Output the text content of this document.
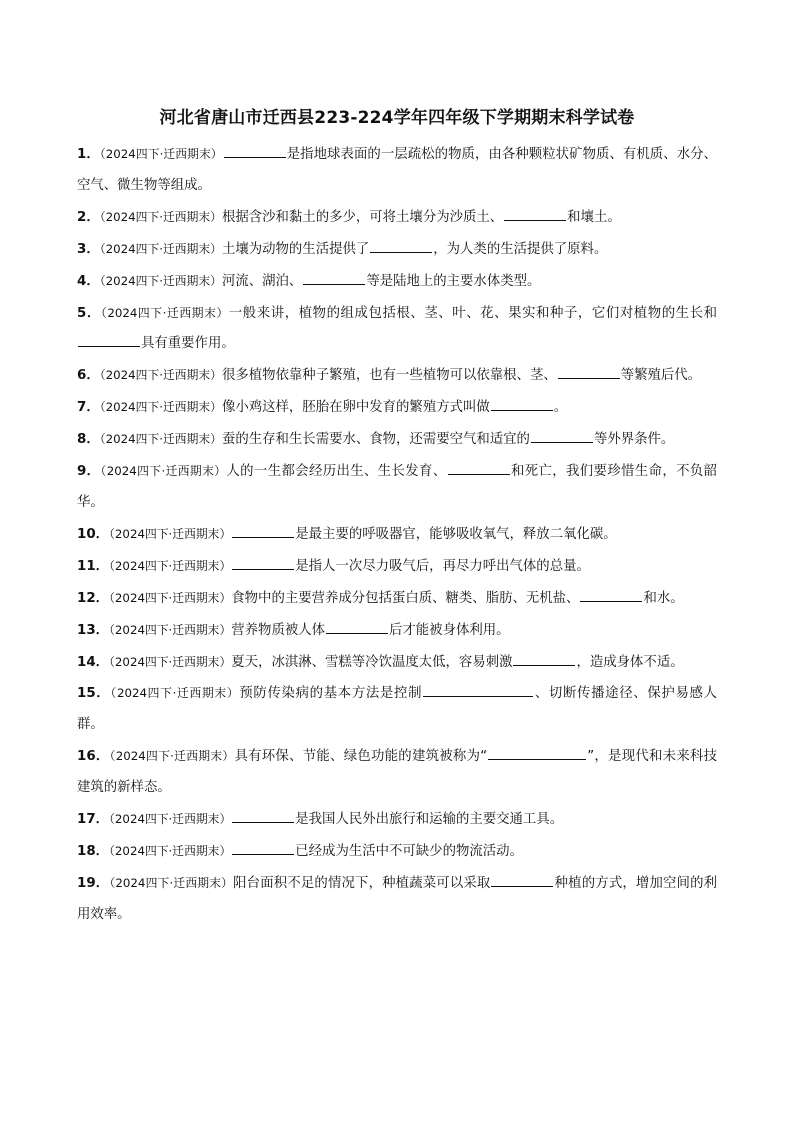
河北省唐山市迁西县223-224学年四年级下学期期末科学试卷
1．（2024四下·迁西期末）	是指地球表面的一层疏松的物质，由各种颗粒状矿物质、有机质、水分、空气、微生物等组成。
2．（2024四下·迁西期末）根据含沙和黏土的多少，可将土壤分为沙质土、	和壤土。
3．（2024四下·迁西期末）土壤为动物的生活提供了	，为人类的生活提供了原料。
4．（2024四下·迁西期末）河流、湖泊、	等是陆地上的主要水体类型。
5．（2024四下·迁西期末）一般来讲，植物的组成包括根、茎、叶、花、果实和种子，它们对植物的生长和具有重要作用。
6．（2024四下·迁西期末）很多植物依靠种子繁殖，也有一些植物可以依靠根、茎、	等繁殖后代。
7．（2024四下·迁西期末）像小鸡这样，胚胎在卵中发育的繁殖方式叫做	。
8．（2024四下·迁西期末）蚕的生存和生长需要水、食物，还需要空气和适宜的	等外界条件。
9．（2024四下·迁西期末）人的一生都会经历出生、生长发育、	和死亡，我们要珍惜生命，不负韶华。
10．（2024四下·迁西期末）	是最主要的呼吸器官，能够吸收氧气，释放二氧化碳。
11．（2024四下·迁西期末）	是指人一次尽力吸气后，再尽力呼出气体的总量。
12．（2024四下·迁西期末）食物中的主要营养成分包括蛋白质、糖类、脂肪、无机盐、	和水。
13．（2024四下·迁西期末）营养物质被人体	后才能被身体利用。
14．（2024四下·迁西期末）夏天，冰淇淋、雪糕等冷饮温度太低，容易刺激	，造成身体不适。
15．（2024四下·迁西期末）预防传染病的基本方法是控制	、切断传播途径、保护易感人群。
16．（2024四下·迁西期末）具有环保、节能、绿色功能的建筑被称为“	”，是现代和未来科技建筑的新样态。
17．（2024四下·迁西期末）	是我国人民外出旅行和运输的主要交通工具。
18．（2024四下·迁西期末）	已经成为生活中不可缺少的物流活动。
19．（2024四下·迁西期末）阳台面积不足的情况下，种植蔬菜可以采取	种植的方式，增加空间的利用效率。
